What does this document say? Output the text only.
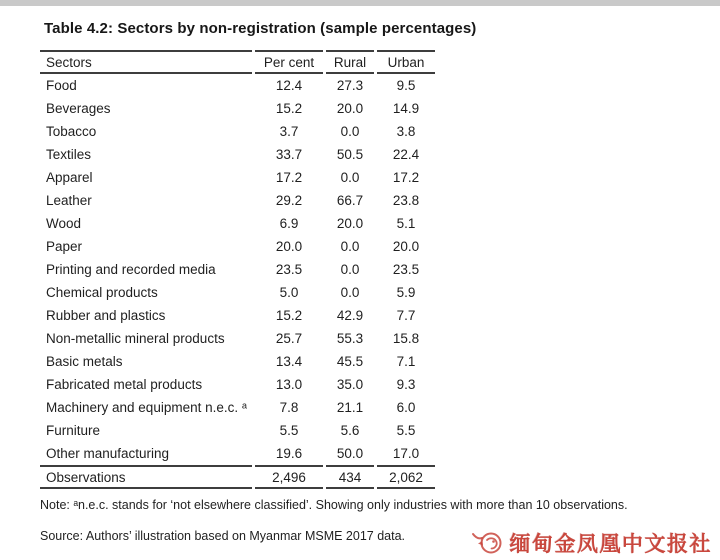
Table 4.2: Sectors by non-registration (sample percentages)
Sectors	Per cent	Rural	Urban
Food	12.4	27.3	9.5
Beverages	15.2	20.0	14.9
Tobacco	3.7	0.0	3.8
Textiles	33.7	50.5	22.4
Apparel	17.2	0.0	17.2
Leather	29.2	66.7	23.8
Wood	6.9	20.0	5.1
Paper	20.0	0.0	20.0
Printing and recorded media	23.5	0.0	23.5
Chemical products	5.0	0.0	5.9
Rubber and plastics	15.2	42.9	7.7
Non-metallic mineral products	25.7	55.3	15.8
Basic metals	13.4	45.5	7.1
Fabricated metal products	13.0	35.0	9.3
Machinery and equipment n.e.c. ᵃ	7.8	21.1	6.0
Furniture	5.5	5.6	5.5
Other manufacturing	19.6	50.0	17.0
Observations	2,496	434	2,062
Note: ᵃn.e.c. stands for ‘not elsewhere classified’. Showing only industries with more than 10 observations.
Source: Authors’ illustration based on Myanmar MSME 2017 data.	缅甸金凤凰中文报社
